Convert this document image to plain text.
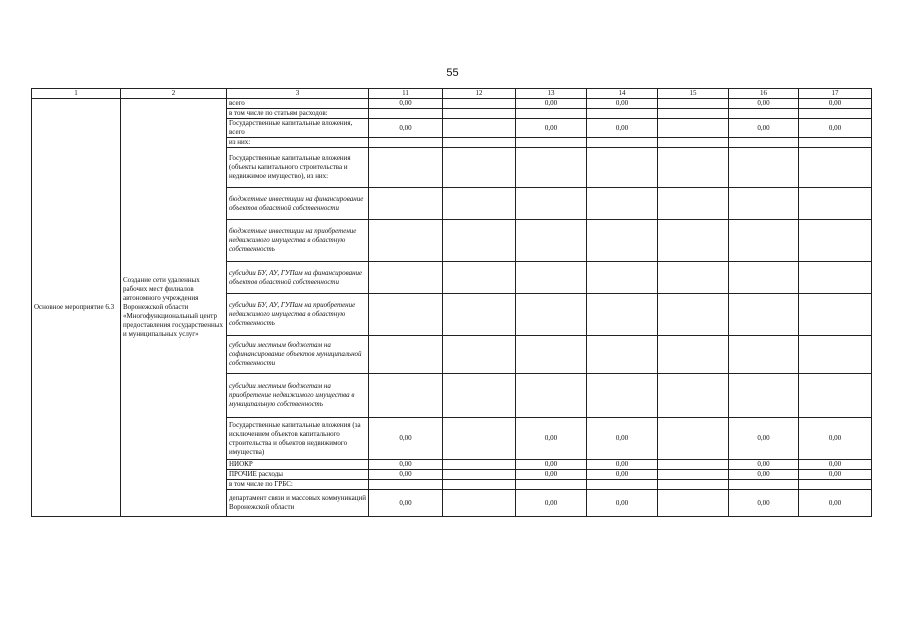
55
1	2	3	11	12	13	14	15	16	17
Основное мероприятие 6.3	Создание сети удаленных рабочих мест филиалов автономного учреждения Воронежской области «Многофункциональный центр предоставления государственных и муниципальных услуг»	всего	0,00		0,00	0,00		0,00	0,00
		в том числе по статьям расходов:							
		Государственные капитальные вложения, всего	0,00		0,00	0,00		0,00	0,00
		из них:							
		Государственные капитальные вложения (объекты капитального строительства и недвижимое имущество), из них:							
		бюджетные инвестиции на финансирование объектов областной собственности							
		бюджетные инвестиции на приобретение недвижимого имущества в областную собственность							
		субсидии БУ, АУ, ГУПам на финансирование объектов областной собственности							
		субсидии БУ, АУ, ГУПам на приобретение недвижимого имущества в областную собственность							
		субсидии местным бюджетам на софинансирование объектов муниципальной собственности							
		субсидии местным бюджетам на приобретение недвижимого имущества в муниципальную собственность							
		Государственные капитальные вложения (за исключением объектов капитального строительства и объектов недвижимого имущества)	0,00		0,00	0,00		0,00	0,00
		НИОКР	0,00		0,00	0,00		0,00	0,00
		ПРОЧИЕ расходы	0,00		0,00	0,00		0,00	0,00
		в том числе по ГРБС:							
		департамент связи и массовых коммуникаций Воронежской области	0,00		0,00	0,00		0,00	0,00
